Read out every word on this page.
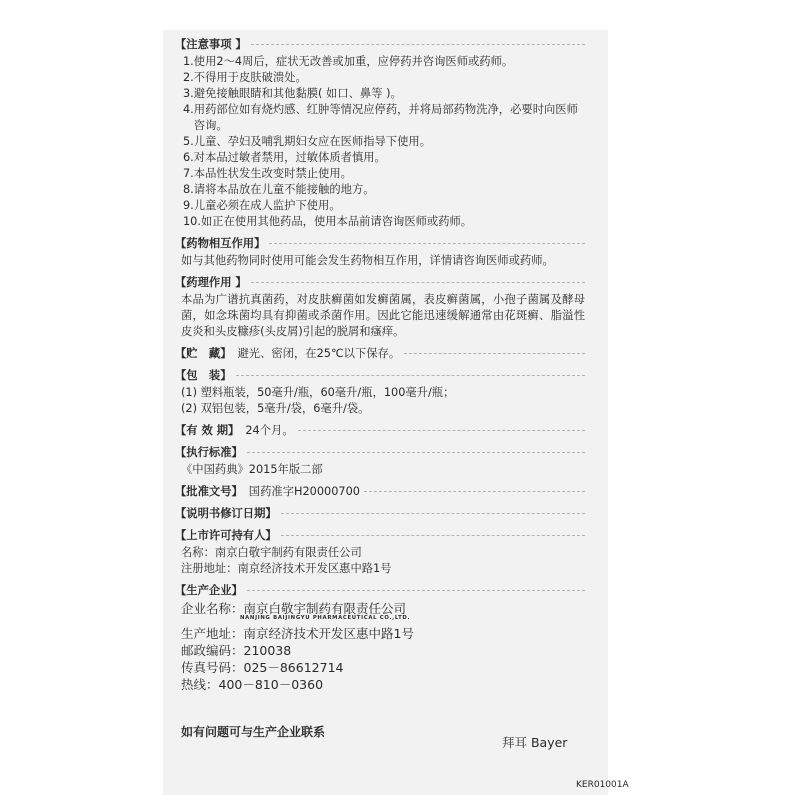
【注意事项 】
1. 使用2～4周后，症状无改善或加重，应停药并咨询医师或药师。
2. 不得用于皮肤破溃处。
3. 避免接触眼睛和其他黏膜( 如口、鼻等 )。
4. 用药部位如有烧灼感、红肿等情况应停药，并将局部药物洗净，必要时向医师咨询。
5. 儿童、孕妇及哺乳期妇女应在医师指导下使用。
6. 对本品过敏者禁用，过敏体质者慎用。
7. 本品性状发生改变时禁止使用。
8. 请将本品放在儿童不能接触的地方。
9. 儿童必须在成人监护下使用。
10. 如正在使用其他药品，使用本品前请咨询医师或药师。
【药物相互作用】
如与其他药物同时使用可能会发生药物相互作用，详情请咨询医师或药师。
【药理作用 】
本品为广谱抗真菌药，对皮肤癣菌如发癣菌属，表皮癣菌属，小孢子菌属及酵母菌，如念珠菌均具有抑菌或杀菌作用。因此它能迅速缓解通常由花斑癣、脂溢性皮炎和头皮糠疹(头皮屑)引起的脱屑和瘙痒。
【贮　藏】 避光、密闭，在25℃以下保存。
【包　装】
(1) 塑料瓶装，50毫升/瓶，60毫升/瓶，100毫升/瓶；
(2) 双铝包装，5毫升/袋，6毫升/袋。
【有 效 期】 24个月。
【执行标准】
《中国药典》2015年版二部
【批准文号】 国药准字H20000700
【说明书修订日期】
【上市许可持有人】
名称：南京白敬宇制药有限责任公司
注册地址：南京经济技术开发区惠中路1号
【生产企业】
企业名称：南京白敬宇制药有限责任公司
NANJING BAIJINGYU PHARMACEUTICAL CO.,LTD.
生产地址：南京经济技术开发区惠中路1号
邮政编码：210038
传真号码：025－86612714
热线：400－810－0360
如有问题可与生产企业联系
拜耳 Bayer
KER01001A
